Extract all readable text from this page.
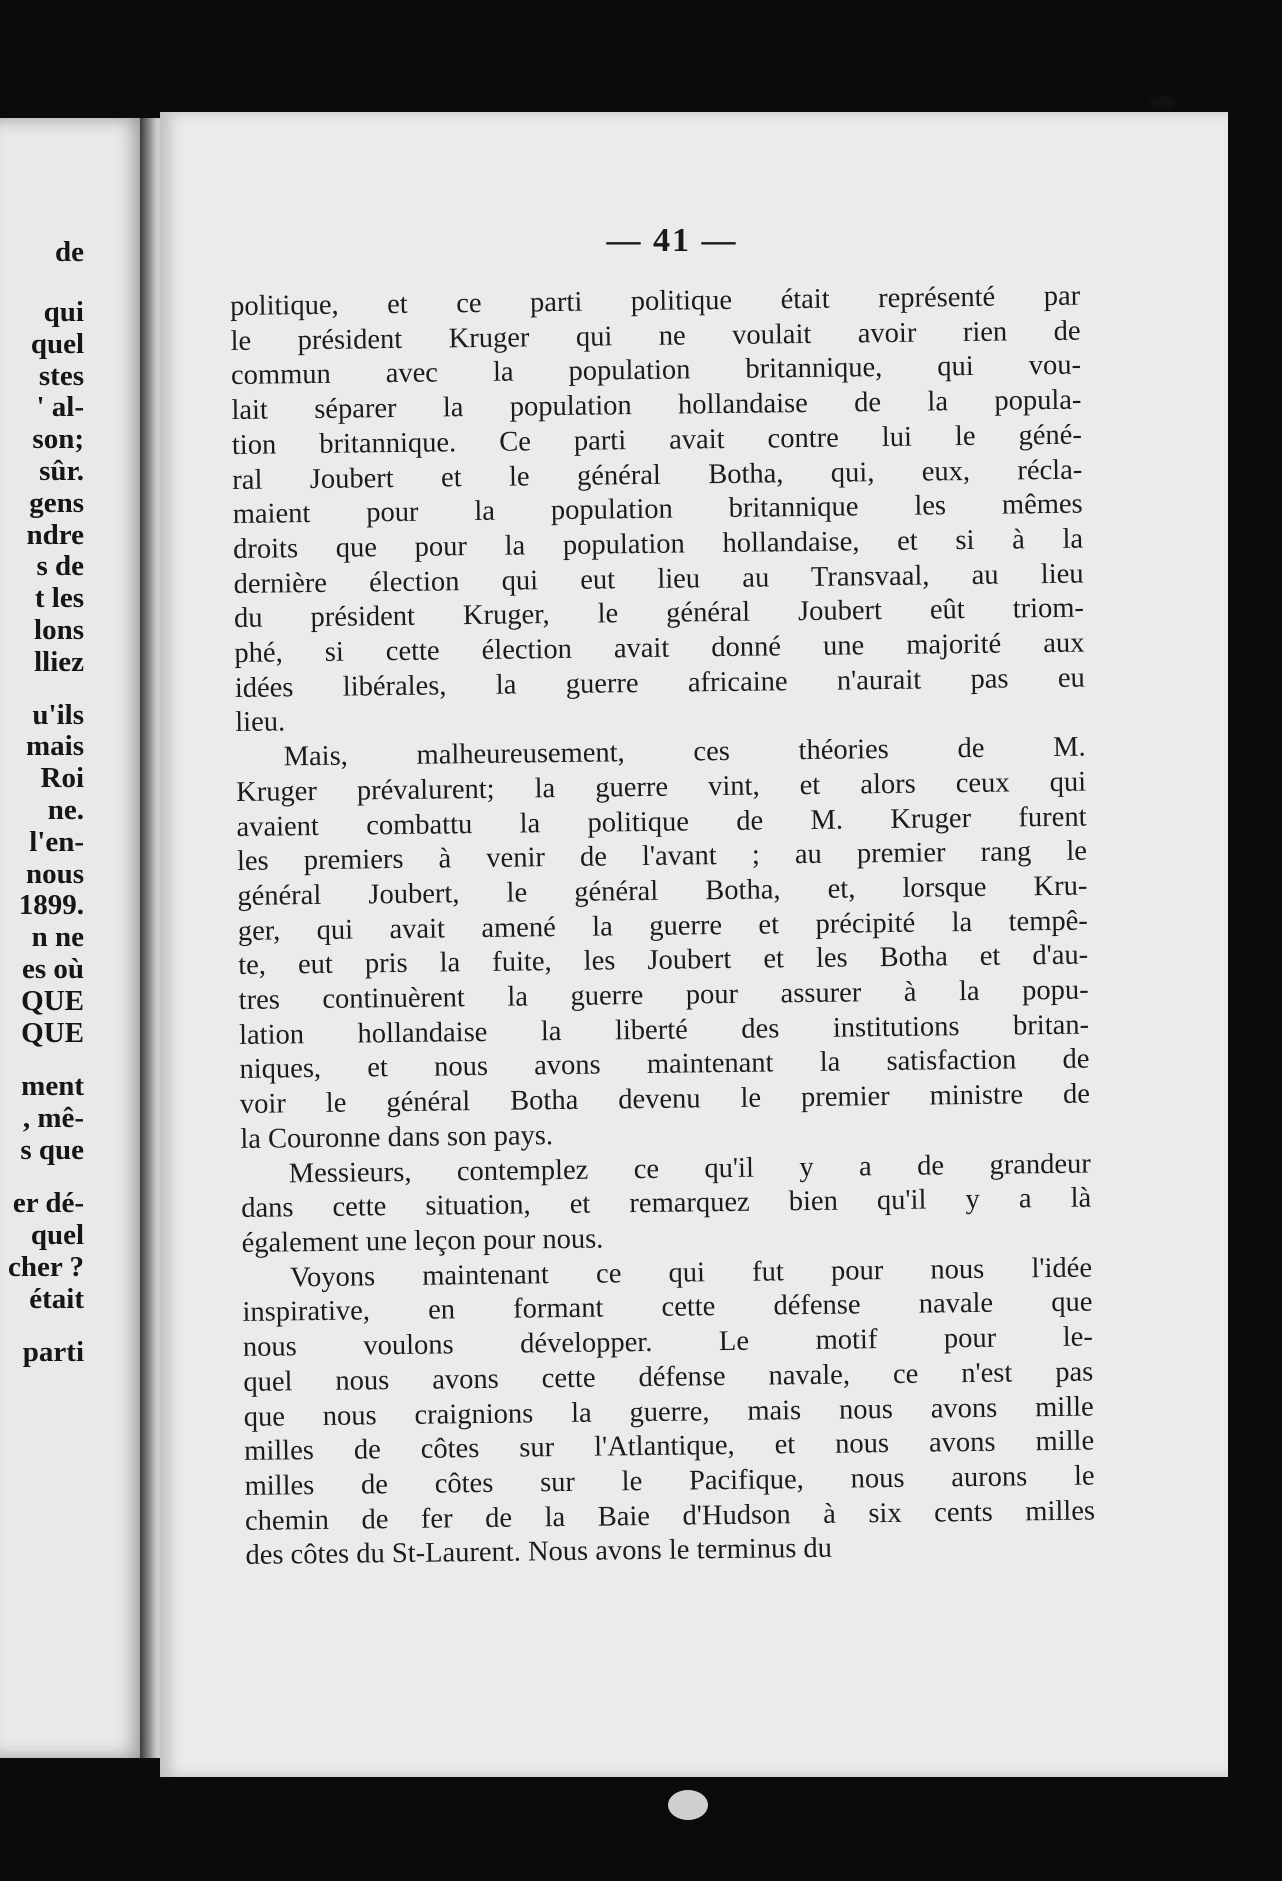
de

qui

quel

stes

' al-

son;

sûr.

gens

ndre

s de

t les

lons

lliez

u'ils

mais

Roi

ne.

l'en-

nous

1899.

n ne

es où

QUE

QUE

ment

, mê-

s que

er dé-

quel

cher ?

était

parti

— 41 —

politique, et ce parti politique était représenté par

le président Kruger qui ne voulait avoir rien de

commun avec la population britannique, qui vou-

lait séparer la population hollandaise de la popula-

tion britannique. Ce parti avait contre lui le géné-

ral Joubert et le général Botha, qui, eux, récla-

maient pour la population britannique les mêmes

droits que pour la population hollandaise, et si à la

dernière élection qui eut lieu au Transvaal, au lieu

du président Kruger, le général Joubert eût triom-

phé, si cette élection avait donné une majorité aux

idées libérales, la guerre africaine n'aurait pas eu

lieu.

Mais, malheureusement, ces théories de M.

Kruger prévalurent; la guerre vint, et alors ceux qui

avaient combattu la politique de M. Kruger furent

les premiers à venir de l'avant ; au premier rang le

général Joubert, le général Botha, et, lorsque Kru-

ger, qui avait amené la guerre et précipité la tempê-

te, eut pris la fuite, les Joubert et les Botha et d'au-

tres continuèrent la guerre pour assurer à la popu-

lation hollandaise la liberté des institutions britan-

niques, et nous avons maintenant la satisfaction de

voir le général Botha devenu le premier ministre de

la Couronne dans son pays.

Messieurs, contemplez ce qu'il y a de grandeur

dans cette situation, et remarquez bien qu'il y a là

également une leçon pour nous.

Voyons maintenant ce qui fut pour nous l'idée

inspirative, en formant cette défense navale que

nous voulons développer. Le motif pour le-

quel nous avons cette défense navale, ce n'est pas

que nous craignions la guerre, mais nous avons mille

milles de côtes sur l'Atlantique, et nous avons mille

milles de côtes sur le Pacifique, nous aurons le

chemin de fer de la Baie d'Hudson à six cents milles

des côtes du St-Laurent. Nous avons le terminus du
